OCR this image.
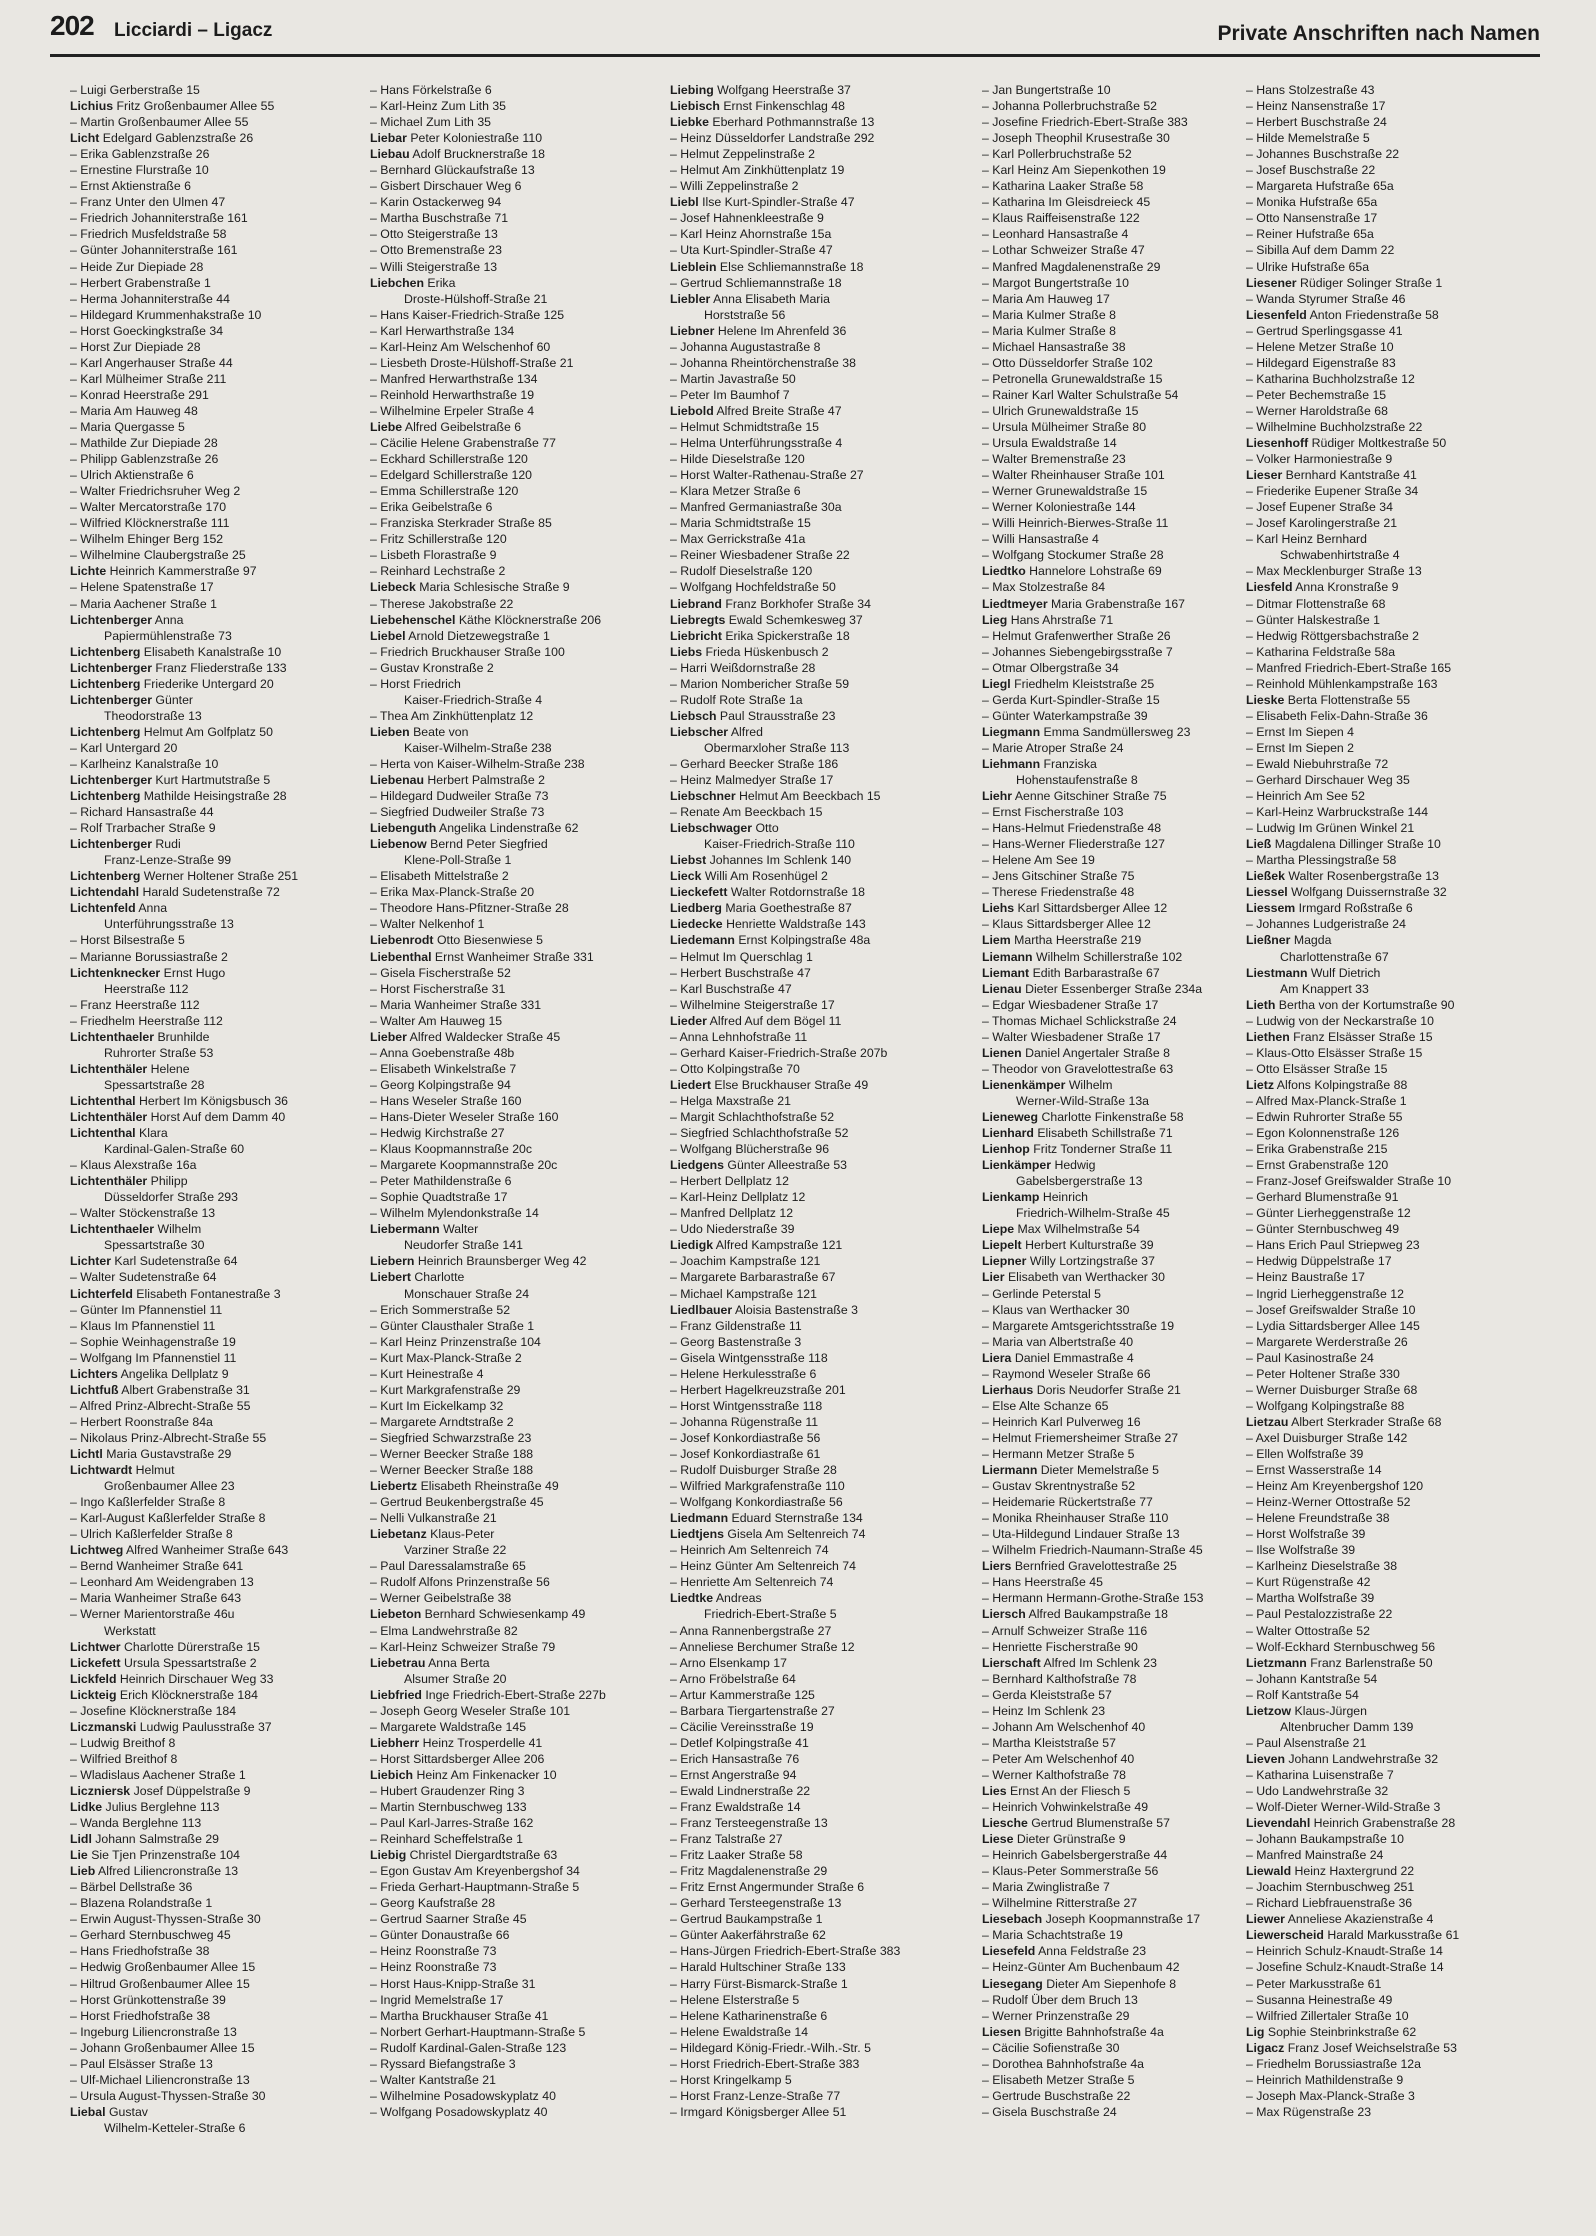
202 Licciardi – Ligacz	Private Anschriften nach Namen
– Luigi Gerberstraße 15
Lichius Fritz Großenbaumer Allee 55
– Martin Großenbaumer Allee 55
Licht Edelgard Gablenzstraße 26
– Erika Gablenzstraße 26
– Ernestine Flurstraße 10
– Ernst Aktienstraße 6
– Franz Unter den Ulmen 47
– Friedrich Johanniterstraße 161
– Friedrich Musfeldstraße 58
– Günter Johanniterstraße 161
– Heide Zur Diepiade 28
– Herbert Grabenstraße 1
– Herma Johanniterstraße 44
– Hildegard Krummenhakstraße 10
– Horst Goeckingkstraße 34
– Horst Zur Diepiade 28
– Karl Angerhauser Straße 44
– Karl Mülheimer Straße 211
– Konrad Heerstraße 291
– Maria Am Hauweg 48
– Maria Quergasse 5
– Mathilde Zur Diepiade 28
– Philipp Gablenzstraße 26
– Ulrich Aktienstraße 6
– Walter Friedrichsruher Weg 2
– Walter Mercatorstraße 170
– Wilfried Klöcknerstraße 111
– Wilhelm Ehinger Berg 152
– Wilhelmine Claubergstraße 25
Lichte Heinrich Kammerstraße 97
– Helene Spatenstraße 17
– Maria Aachener Straße 1
Lichtenberger Anna
Papiermühlenstraße 73
Lichtenberg Elisabeth Kanalstraße 10
Lichtenberger Franz Fliederstraße 133
Lichtenberg Friederike Untergard 20
Lichtenberger Günter
Theodorstraße 13
Lichtenberg Helmut Am Golfplatz 50
– Karl Untergard 20
– Karlheinz Kanalstraße 10
Lichtenberger Kurt Hartmutstraße 5
Lichtenberg Mathilde Heisingstraße 28
– Richard Hansastraße 44
– Rolf Trarbacher Straße 9
Lichtenberger Rudi
Franz-Lenze-Straße 99
Lichtenberg Werner Holtener Straße 251
Lichtendahl Harald Sudetenstraße 72
Lichtenfeld Anna
Unterführungsstraße 13
– Horst Bilsestraße 5
– Marianne Borussiastraße 2
Lichtenknecker Ernst Hugo
Heerstraße 112
– Franz Heerstraße 112
– Friedhelm Heerstraße 112
Lichtenthaeler Brunhilde
Ruhrorter Straße 53
Lichtenthäler Helene
Spessartstraße 28
Lichtenthal Herbert Im Königsbusch 36
Lichtenthäler Horst Auf dem Damm 40
Lichtenthal Klara
Kardinal-Galen-Straße 60
– Klaus Alexstraße 16a
Lichtenthäler Philipp
Düsseldorfer Straße 293
– Walter Stöckenstraße 13
Lichtenthaeler Wilhelm
Spessartstraße 30
Lichter Karl Sudetenstraße 64
– Walter Sudetenstraße 64
Lichterfeld Elisabeth Fontanestraße 3
– Günter Im Pfannenstiel 11
– Klaus Im Pfannenstiel 11
– Sophie Weinhagenstraße 19
– Wolfgang Im Pfannenstiel 11
Lichters Angelika Dellplatz 9
Lichtfuß Albert Grabenstraße 31
– Alfred Prinz-Albrecht-Straße 55
– Herbert Roonstraße 84a
– Nikolaus Prinz-Albrecht-Straße 55
Lichtl Maria Gustavstraße 29
Lichtwardt Helmut
Großenbaumer Allee 23
– Ingo Kaßlerfelder Straße 8
– Karl-August Kaßlerfelder Straße 8
– Ulrich Kaßlerfelder Straße 8
Lichtweg Alfred Wanheimer Straße 643
– Bernd Wanheimer Straße 641
– Leonhard Am Weidengraben 13
– Maria Wanheimer Straße 643
– Werner Marientorstraße 46u
Werkstatt
Lichtwer Charlotte Dürerstraße 15
Lickefett Ursula Spessartstraße 2
Lickfeld Heinrich Dirschauer Weg 33
Lickteig Erich Klöcknerstraße 184
– Josefine Klöcknerstraße 184
Liczmanski Ludwig Paulusstraße 37
– Ludwig Breithof 8
– Wilfried Breithof 8
– Wladislaus Aachener Straße 1
Liczniersk Josef Düppelstraße 9
Lidke Julius Berglehne 113
– Wanda Berglehne 113
Lidl Johann Salmstraße 29
Lie Sie Tjen Prinzenstraße 104
Lieb Alfred Liliencronstraße 13
– Bärbel Dellstraße 36
– Blazena Rolandstraße 1
– Erwin August-Thyssen-Straße 30
– Gerhard Sternbuschweg 45
– Hans Friedhofstraße 38
– Hedwig Großenbaumer Allee 15
– Hiltrud Großenbaumer Allee 15
– Horst Grünkottenstraße 39
– Horst Friedhofstraße 38
– Ingeburg Liliencronstraße 13
– Johann Großenbaumer Allee 15
– Paul Elsässer Straße 13
– Ulf-Michael Liliencronstraße 13
– Ursula August-Thyssen-Straße 30
Liebal Gustav
Wilhelm-Ketteler-Straße 6
– Hans Förkelstraße 6
– Karl-Heinz Zum Lith 35
– Michael Zum Lith 35
Liebar Peter Koloniestraße 110
Liebau Adolf Brucknerstraße 18
– Bernhard Glückaufstraße 13
– Gisbert Dirschauer Weg 6
– Karin Ostackerweg 94
– Martha Buschstraße 71
– Otto Steigerstraße 13
– Otto Bremenstraße 23
– Willi Steigerstraße 13
Liebchen Erika
Droste-Hülshoff-Straße 21
– Hans Kaiser-Friedrich-Straße 125
– Karl Herwarthstraße 134
– Karl-Heinz Am Welschenhof 60
– Liesbeth Droste-Hülshoff-Straße 21
– Manfred Herwarthstraße 134
– Reinhold Herwarthstraße 19
– Wilhelmine Erpeler Straße 4
Liebe Alfred Geibelstraße 6
– Cäcilie Helene Grabenstraße 77
– Eckhard Schillerstraße 120
– Edelgard Schillerstraße 120
– Emma Schillerstraße 120
– Erika Geibelstraße 6
– Franziska Sterkrader Straße 85
– Fritz Schillerstraße 120
– Lisbeth Florastraße 9
– Reinhard Lechstraße 2
Liebeck Maria Schlesische Straße 9
– Therese Jakobstraße 22
Liebehenschel Käthe Klöcknerstraße 206
Liebel Arnold Dietzewegstraße 1
– Friedrich Bruckhauser Straße 100
– Gustav Kronstraße 2
– Horst Friedrich
Kaiser-Friedrich-Straße 4
– Thea Am Zinkhüttenplatz 12
Lieben Beate von
Kaiser-Wilhelm-Straße 238
– Herta von Kaiser-Wilhelm-Straße 238
Liebenau Herbert Palmstraße 2
– Hildegard Dudweiler Straße 73
– Siegfried Dudweiler Straße 73
Liebenguth Angelika Lindenstraße 62
Liebenow Bernd Peter Siegfried
Klene-Poll-Straße 1
– Elisabeth Mittelstraße 2
– Erika Max-Planck-Straße 20
– Theodore Hans-Pfitzner-Straße 28
– Walter Nelkenhof 1
Liebenrodt Otto Biesenwiese 5
Liebenthal Ernst Wanheimer Straße 331
– Gisela Fischerstraße 52
– Horst Fischerstraße 31
– Maria Wanheimer Straße 331
– Walter Am Hauweg 15
Lieber Alfred Waldecker Straße 45
– Anna Goebenstraße 48b
– Elisabeth Winkelstraße 7
– Georg Kolpingstraße 94
– Hans Weseler Straße 160
– Hans-Dieter Weseler Straße 160
– Hedwig Kirchstraße 27
– Klaus Koopmannstraße 20c
– Margarete Koopmannstraße 20c
– Peter Mathildenstraße 6
– Sophie Quadtstraße 17
– Wilhelm Mylendonkstraße 14
Liebermann Walter
Neudorfer Straße 141
Liebern Heinrich Braunsberger Weg 42
Liebert Charlotte
Monschauer Straße 24
– Erich Sommerstraße 52
– Günter Clausthaler Straße 1
– Karl Heinz Prinzenstraße 104
– Kurt Max-Planck-Straße 2
– Kurt Heinestraße 4
– Kurt Markgrafenstraße 29
– Kurt Im Eickelkamp 32
– Margarete Arndtstraße 2
– Siegfried Schwarzstraße 23
– Werner Beecker Straße 188
– Werner Beecker Straße 188
Liebertz Elisabeth Rheinstraße 49
– Gertrud Beukenbergstraße 45
– Nelli Vulkanstraße 21
Liebetanz Klaus-Peter
Varziner Straße 22
– Paul Daressalamstraße 65
– Rudolf Alfons Prinzenstraße 56
– Werner Geibelstraße 38
Liebeton Bernhard Schwiesenkamp 49
– Elma Landwehrstraße 82
– Karl-Heinz Schweizer Straße 79
Liebetrau Anna Berta
Alsumer Straße 20
Liebfried Inge Friedrich-Ebert-Straße 227b
– Joseph Georg Weseler Straße 101
– Margarete Waldstraße 145
Liebherr Heinz Trosperdelle 41
– Horst Sittardsberger Allee 206
Liebich Heinz Am Finkenacker 10
– Hubert Graudenzer Ring 3
– Martin Sternbuschweg 133
– Paul Karl-Jarres-Straße 162
– Reinhard Scheffelstraße 1
Liebig Christel Diergardtstraße 63
– Egon Gustav Am Kreyenbergshof 34
– Frieda Gerhart-Hauptmann-Straße 5
– Georg Kaufstraße 28
– Gertrud Saarner Straße 45
– Günter Donaustraße 66
– Heinz Roonstraße 73
– Heinz Roonstraße 73
– Horst Haus-Knipp-Straße 31
– Ingrid Memelstraße 17
– Martha Bruckhauser Straße 41
– Norbert Gerhart-Hauptmann-Straße 5
– Rudolf Kardinal-Galen-Straße 123
– Ryssard Biefangstraße 3
– Walter Kantstraße 21
– Wilhelmine Posadowskyplatz 40
– Wolfgang Posadowskyplatz 40
Liebing Wolfgang Heerstraße 37
Liebisch Ernst Finkenschlag 48
Liebke Eberhard Pothmannstraße 13
– Heinz Düsseldorfer Landstraße 292
– Helmut Zeppelinstraße 2
– Helmut Am Zinkhüttenplatz 19
– Willi Zeppelinstraße 2
Liebl Ilse Kurt-Spindler-Straße 47
– Josef Hahnenkleestraße 9
– Karl Heinz Ahornstraße 15a
– Uta Kurt-Spindler-Straße 47
Lieblein Else Schliemannstraße 18
– Gertrud Schliemannstraße 18
Liebler Anna Elisabeth Maria
Horststraße 56
Liebner Helene Im Ahrenfeld 36
– Johanna Augustastraße 8
– Johanna Rheintörchenstraße 38
– Martin Javastraße 50
– Peter Im Baumhof 7
Liebold Alfred Breite Straße 47
– Helmut Schmidtstraße 15
– Helma Unterführungsstraße 4
– Hilde Dieselstraße 120
– Horst Walter-Rathenau-Straße 27
– Klara Metzer Straße 6
– Manfred Germaniastraße 30a
– Maria Schmidtstraße 15
– Max Gerrickstraße 41a
– Reiner Wiesbadener Straße 22
– Rudolf Dieselstraße 120
– Wolfgang Hochfeldstraße 50
Liebrand Franz Borkhofer Straße 34
Liebregts Ewald Schemkesweg 37
Liebricht Erika Spickerstraße 18
Liebs Frieda Hüskenbusch 2
– Harri Weißdornstraße 28
– Marion Nombericher Straße 59
– Rudolf Rote Straße 1a
Liebsch Paul Strausstraße 23
Liebscher Alfred
Obermarxloher Straße 113
– Gerhard Beecker Straße 186
– Heinz Malmedyer Straße 17
Liebschner Helmut Am Beeckbach 15
– Renate Am Beeckbach 15
Liebschwager Otto
Kaiser-Friedrich-Straße 110
Liebst Johannes Im Schlenk 140
Lieck Willi Am Rosenhügel 2
Lieckefett Walter Rotdornstraße 18
Liedberg Maria Goethestraße 87
Liedecke Henriette Waldstraße 143
Liedemann Ernst Kolpingstraße 48a
– Helmut Im Querschlag 1
– Herbert Buschstraße 47
– Karl Buschstraße 47
– Wilhelmine Steigerstraße 17
Lieder Alfred Auf dem Bögel 11
– Anna Lehnhofstraße 11
– Gerhard Kaiser-Friedrich-Straße 207b
– Otto Kolpingstraße 70
Liedert Else Bruckhauser Straße 49
– Helga Maxstraße 21
– Margit Schlachthofstraße 52
– Siegfried Schlachthofstraße 52
– Wolfgang Blücherstraße 96
Liedgens Günter Alleestraße 53
– Herbert Dellplatz 12
– Karl-Heinz Dellplatz 12
– Manfred Dellplatz 12
– Udo Niederstraße 39
Liedigk Alfred Kampstraße 121
– Joachim Kampstraße 121
– Margarete Barbarastraße 67
– Michael Kampstraße 121
Liedlbauer Aloisia Bastenstraße 3
– Franz Gildenstraße 11
– Georg Bastenstraße 3
– Gisela Wintgensstraße 118
– Helene Herkulesstraße 6
– Herbert Hagelkreuzstraße 201
– Horst Wintgensstraße 118
– Johanna Rügenstraße 11
– Josef Konkordiastraße 56
– Josef Konkordiastraße 61
– Rudolf Duisburger Straße 28
– Wilfried Markgrafenstraße 110
– Wolfgang Konkordiastraße 56
Liedmann Eduard Sternstraße 134
Liedtjens Gisela Am Seltenreich 74
– Heinrich Am Seltenreich 74
– Heinz Günter Am Seltenreich 74
– Henriette Am Seltenreich 74
Liedtke Andreas
Friedrich-Ebert-Straße 5
– Anna Rannenbergstraße 27
– Anneliese Berchumer Straße 12
– Arno Elsenkamp 17
– Arno Fröbelstraße 64
– Artur Kammerstraße 125
– Barbara Tiergartenstraße 27
– Cäcilie Vereinsstraße 19
– Detlef Kolpingstraße 41
– Erich Hansastraße 76
– Ernst Angerstraße 94
– Ewald Lindnerstraße 22
– Franz Ewaldstraße 14
– Franz Tersteegenstraße 13
– Franz Talstraße 27
– Fritz Laaker Straße 58
– Fritz Magdalenenstraße 29
– Fritz Ernst Angermunder Straße 6
– Gerhard Tersteegenstraße 13
– Gertrud Baukampstraße 1
– Günter Aakerfährstraße 62
– Hans-Jürgen Friedrich-Ebert-Straße 383
– Harald Hultschiner Straße 133
– Harry Fürst-Bismarck-Straße 1
– Helene Elsterstraße 5
– Helene Katharinenstraße 6
– Helene Ewaldstraße 14
– Hildegard König-Friedr.-Wilh.-Str. 5
– Horst Friedrich-Ebert-Straße 383
– Horst Kringelkamp 5
– Horst Franz-Lenze-Straße 77
– Irmgard Königsberger Allee 51
– Jan Bungertstraße 10
– Johanna Pollerbruchstraße 52
– Josefine Friedrich-Ebert-Straße 383
– Joseph Theophil Krusestraße 30
– Karl Pollerbruchstraße 52
– Karl Heinz Am Siepenkothen 19
– Katharina Laaker Straße 58
– Katharina Im Gleisdreieck 45
– Klaus Raiffeisenstraße 122
– Leonhard Hansastraße 4
– Lothar Schweizer Straße 47
– Manfred Magdalenenstraße 29
– Margot Bungertstraße 10
– Maria Am Hauweg 17
– Maria Kulmer Straße 8
– Maria Kulmer Straße 8
– Michael Hansastraße 38
– Otto Düsseldorfer Straße 102
– Petronella Grunewaldstraße 15
– Rainer Karl Walter Schulstraße 54
– Ulrich Grunewaldstraße 15
– Ursula Mülheimer Straße 80
– Ursula Ewaldstraße 14
– Walter Bremenstraße 23
– Walter Rheinhauser Straße 101
– Werner Grunewaldstraße 15
– Werner Koloniestraße 144
– Willi Heinrich-Bierwes-Straße 11
– Willi Hansastraße 4
– Wolfgang Stockumer Straße 28
Liedtko Hannelore Lohstraße 69
– Max Stolzestraße 84
Liedtmeyer Maria Grabenstraße 167
Lieg Hans Ahrstraße 71
– Helmut Grafenwerther Straße 26
– Johannes Siebengebirgsstraße 7
– Otmar Olbergstraße 34
Liegl Friedhelm Kleiststraße 25
– Gerda Kurt-Spindler-Straße 15
– Günter Waterkampstraße 39
Liegmann Emma Sandmüllersweg 23
– Marie Atroper Straße 24
Liehmann Franziska
Hohenstaufenstraße 8
Liehr Aenne Gitschiner Straße 75
– Ernst Fischerstraße 103
– Hans-Helmut Friedenstraße 48
– Hans-Werner Fliederstraße 127
– Helene Am See 19
– Jens Gitschiner Straße 75
– Therese Friedenstraße 48
Liehs Karl Sittardsberger Allee 12
– Klaus Sittardsberger Allee 12
Liem Martha Heerstraße 219
Liemann Wilhelm Schillerstraße 102
Liemant Edith Barbarastraße 67
Lienau Dieter Essenberger Straße 234a
– Edgar Wiesbadener Straße 17
– Thomas Michael Schlickstraße 24
– Walter Wiesbadener Straße 17
Lienen Daniel Angertaler Straße 8
– Theodor von Gravelottestraße 63
Lienenkämper Wilhelm
Werner-Wild-Straße 13a
Lieneweg Charlotte Finkenstraße 58
Lienhard Elisabeth Schillstraße 71
Lienhop Fritz Tonderner Straße 11
Lienkämper Hedwig
Gabelsbergerstraße 13
Lienkamp Heinrich
Friedrich-Wilhelm-Straße 45
Liepe Max Wilhelmstraße 54
Liepelt Herbert Kulturstraße 39
Liepner Willy Lortzingstraße 37
Lier Elisabeth van Werthacker 30
– Gerlinde Peterstal 5
– Klaus van Werthacker 30
– Margarete Amtsgerichtsstraße 19
– Maria van Albertstraße 40
Liera Daniel Emmastraße 4
– Raymond Weseler Straße 66
Lierhaus Doris Neudorfer Straße 21
– Else Alte Schanze 65
– Heinrich Karl Pulverweg 16
– Helmut Friemersheimer Straße 27
– Hermann Metzer Straße 5
Liermann Dieter Memelstraße 5
– Gustav Skrentnystraße 52
– Heidemarie Rückertstraße 77
– Monika Rheinhauser Straße 110
– Uta-Hildegund Lindauer Straße 13
– Wilhelm Friedrich-Naumann-Straße 45
Liers Bernfried Gravelottestraße 25
– Hans Heerstraße 45
– Hermann Hermann-Grothe-Straße 153
Liersch Alfred Baukampstraße 18
– Arnulf Schweizer Straße 116
– Henriette Fischerstraße 90
Lierschaft Alfred Im Schlenk 23
– Bernhard Kalthofstraße 78
– Gerda Kleiststraße 57
– Heinz Im Schlenk 23
– Johann Am Welschenhof 40
– Martha Kleiststraße 57
– Peter Am Welschenhof 40
– Werner Kalthofstraße 78
Lies Ernst An der Fliesch 5
– Heinrich Vohwinkelstraße 49
Liesche Gertrud Blumenstraße 57
Liese Dieter Grünstraße 9
– Heinrich Gabelsbergerstraße 44
– Klaus-Peter Sommerstraße 56
– Maria Zwinglistraße 7
– Wilhelmine Ritterstraße 27
Liesebach Joseph Koopmannstraße 17
– Maria Schachtstraße 19
Liesefeld Anna Feldstraße 23
– Heinz-Günter Am Buchenbaum 42
Liesegang Dieter Am Siepenhofe 8
– Rudolf Über dem Bruch 13
– Werner Prinzenstraße 29
Liesen Brigitte Bahnhofstraße 4a
– Cäcilie Sofienstraße 30
– Dorothea Bahnhofstraße 4a
– Elisabeth Metzer Straße 5
– Gertrude Buschstraße 22
– Gisela Buschstraße 24
– Hans Stolzestraße 43
– Heinz Nansenstraße 17
– Herbert Buschstraße 24
– Hilde Memelstraße 5
– Johannes Buschstraße 22
– Josef Buschstraße 22
– Margareta Hufstraße 65a
– Monika Hufstraße 65a
– Otto Nansenstraße 17
– Reiner Hufstraße 65a
– Sibilla Auf dem Damm 22
– Ulrike Hufstraße 65a
Liesener Rüdiger Solinger Straße 1
– Wanda Styrumer Straße 46
Liesenfeld Anton Friedenstraße 58
– Gertrud Sperlingsgasse 41
– Helene Metzer Straße 10
– Hildegard Eigenstraße 83
– Katharina Buchholzstraße 12
– Peter Bechemstraße 15
– Werner Haroldstraße 68
– Wilhelmine Buchholzstraße 22
Liesenhoff Rüdiger Moltkestraße 50
– Volker Harmoniestraße 9
Lieser Bernhard Kantstraße 41
– Friederike Eupener Straße 34
– Josef Eupener Straße 34
– Josef Karolingerstraße 21
– Karl Heinz Bernhard
Schwabenhirtstraße 4
– Max Mecklenburger Straße 13
Liesfeld Anna Kronstraße 9
– Ditmar Flottenstraße 68
– Günter Halskestraße 1
– Hedwig Röttgersbachstraße 2
– Katharina Feldstraße 58a
– Manfred Friedrich-Ebert-Straße 165
– Reinhold Mühlenkampstraße 163
Lieske Berta Flottenstraße 55
– Elisabeth Felix-Dahn-Straße 36
– Ernst Im Siepen 4
– Ernst Im Siepen 2
– Ewald Niebuhrstraße 72
– Gerhard Dirschauer Weg 35
– Heinrich Am See 52
– Karl-Heinz Warbruckstraße 144
– Ludwig Im Grünen Winkel 21
Ließ Magdalena Dillinger Straße 10
– Martha Plessingstraße 58
Ließek Walter Rosenbergstraße 13
Liessel Wolfgang Duissernstraße 32
Liessem Irmgard Roßstraße 6
– Johannes Ludgeristraße 24
Ließner Magda
Charlottenstraße 67
Liestmann Wulf Dietrich
Am Knappert 33
Lieth Bertha von der Kortumstraße 90
– Ludwig von der Neckarstraße 10
Liethen Franz Elsässer Straße 15
– Klaus-Otto Elsässer Straße 15
– Otto Elsässer Straße 15
Lietz Alfons Kolpingstraße 88
– Alfred Max-Planck-Straße 1
– Edwin Ruhrorter Straße 55
– Egon Kolonnenstraße 126
– Erika Grabenstraße 215
– Ernst Grabenstraße 120
– Franz-Josef Greifswalder Straße 10
– Gerhard Blumenstraße 91
– Günter Lierheggenstraße 12
– Günter Sternbuschweg 49
– Hans Erich Paul Striepweg 23
– Hedwig Düppelstraße 17
– Heinz Baustraße 17
– Ingrid Lierheggenstraße 12
– Josef Greifswalder Straße 10
– Lydia Sittardsberger Allee 145
– Margarete Werderstraße 26
– Paul Kasinostraße 24
– Peter Holtener Straße 330
– Werner Duisburger Straße 68
– Wolfgang Kolpingstraße 88
Lietzau Albert Sterkrader Straße 68
– Axel Duisburger Straße 142
– Ellen Wolfstraße 39
– Ernst Wasserstraße 14
– Heinz Am Kreyenbergshof 120
– Heinz-Werner Ottostraße 52
– Helene Freundstraße 38
– Horst Wolfstraße 39
– Ilse Wolfstraße 39
– Karlheinz Dieselstraße 38
– Kurt Rügenstraße 42
– Martha Wolfstraße 39
– Paul Pestalozzistraße 22
– Walter Ottostraße 52
– Wolf-Eckhard Sternbuschweg 56
Lietzmann Franz Barlenstraße 50
– Johann Kantstraße 54
– Rolf Kantstraße 54
Lietzow Klaus-Jürgen
Altenbrucher Damm 139
– Paul Alsenstraße 21
Lieven Johann Landwehrstraße 32
– Katharina Luisenstraße 7
– Udo Landwehrstraße 32
– Wolf-Dieter Werner-Wild-Straße 3
Lievendahl Heinrich Grabenstraße 28
– Johann Baukampstraße 10
– Manfred Mainstraße 24
Liewald Heinz Haxtergrund 22
– Joachim Sternbuschweg 251
– Richard Liebfrauenstraße 36
Liewer Anneliese Akazienstraße 4
Liewerscheid Harald Markusstraße 61
– Heinrich Schulz-Knaudt-Straße 14
– Josefine Schulz-Knaudt-Straße 14
– Peter Markusstraße 61
– Susanna Heinestraße 49
– Wilfried Zillertaler Straße 10
Lig Sophie Steinbrinkstraße 62
Ligacz Franz Josef Weichselstraße 53
– Friedhelm Borussiastraße 12a
– Heinrich Mathildenstraße 9
– Joseph Max-Planck-Straße 3
– Max Rügenstraße 23
